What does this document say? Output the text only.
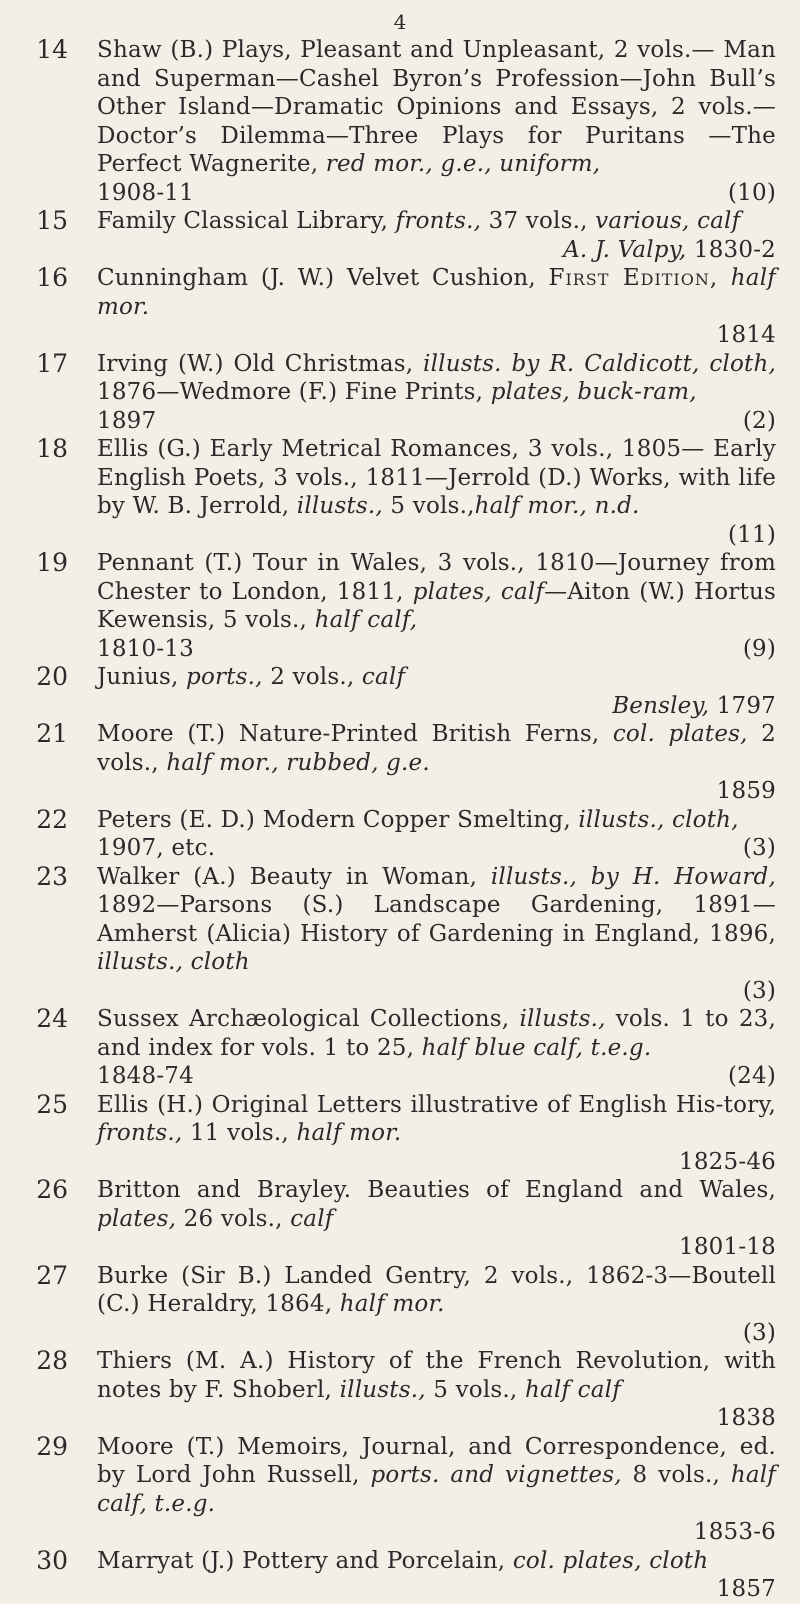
4
14 Shaw (B.) Plays, Pleasant and Unpleasant, 2 vols.— Man and Superman—Cashel Byron’s Profession—John Bull’s Other Island—Dramatic Opinions and Essays, 2 vols.—Doctor’s Dilemma—Three Plays for Puritans —The Perfect Wagnerite, red mor., g.e., uniform,
1908-11	(10)
15 Family Classical Library, fronts., 37 vols., various, calf
A. J. Valpy, 1830-2
16 Cunningham (J. W.) Velvet Cushion, First Edition, half mor.
1814
17 Irving (W.) Old Christmas, illusts. by R. Caldicott, cloth, 1876—Wedmore (F.) Fine Prints, plates, buck-ram,
1897	(2)
18 Ellis (G.) Early Metrical Romances, 3 vols., 1805— Early English Poets, 3 vols., 1811—Jerrold (D.) Works, with life by W. B. Jerrold, illusts., 5 vols.,half mor., n.d.
(11)
19 Pennant (T.) Tour in Wales, 3 vols., 1810—Journey from Chester to London, 1811, plates, calf—Aiton (W.) Hortus Kewensis, 5 vols., half calf,
1810-13	(9)
20 Junius, ports., 2 vols., calf
Bensley, 1797
21 Moore (T.) Nature-Printed British Ferns, col. plates, 2 vols., half mor., rubbed, g.e.
1859
22 Peters (E. D.) Modern Copper Smelting, illusts., cloth,
1907, etc.	(3)
23 Walker (A.) Beauty in Woman, illusts., by H. Howard, 1892—Parsons (S.) Landscape Gardening, 1891— Amherst (Alicia) History of Gardening in England, 1896, illusts., cloth
(3)
24 Sussex Archæological Collections, illusts., vols. 1 to 23, and index for vols. 1 to 25, half blue calf, t.e.g.
1848-74	(24)
25 Ellis (H.) Original Letters illustrative of English His-tory, fronts., 11 vols., half mor.
1825-46
26 Britton and Brayley. Beauties of England and Wales, plates, 26 vols., calf
1801-18
27 Burke (Sir B.) Landed Gentry, 2 vols., 1862-3—Boutell (C.) Heraldry, 1864, half mor.
(3)
28 Thiers (M. A.) History of the French Revolution, with notes by F. Shoberl, illusts., 5 vols., half calf
1838
29 Moore (T.) Memoirs, Journal, and Correspondence, ed. by Lord John Russell, ports. and vignettes, 8 vols., half calf, t.e.g.
1853-6
30 Marryat (J.) Pottery and Porcelain, col. plates, cloth
1857
